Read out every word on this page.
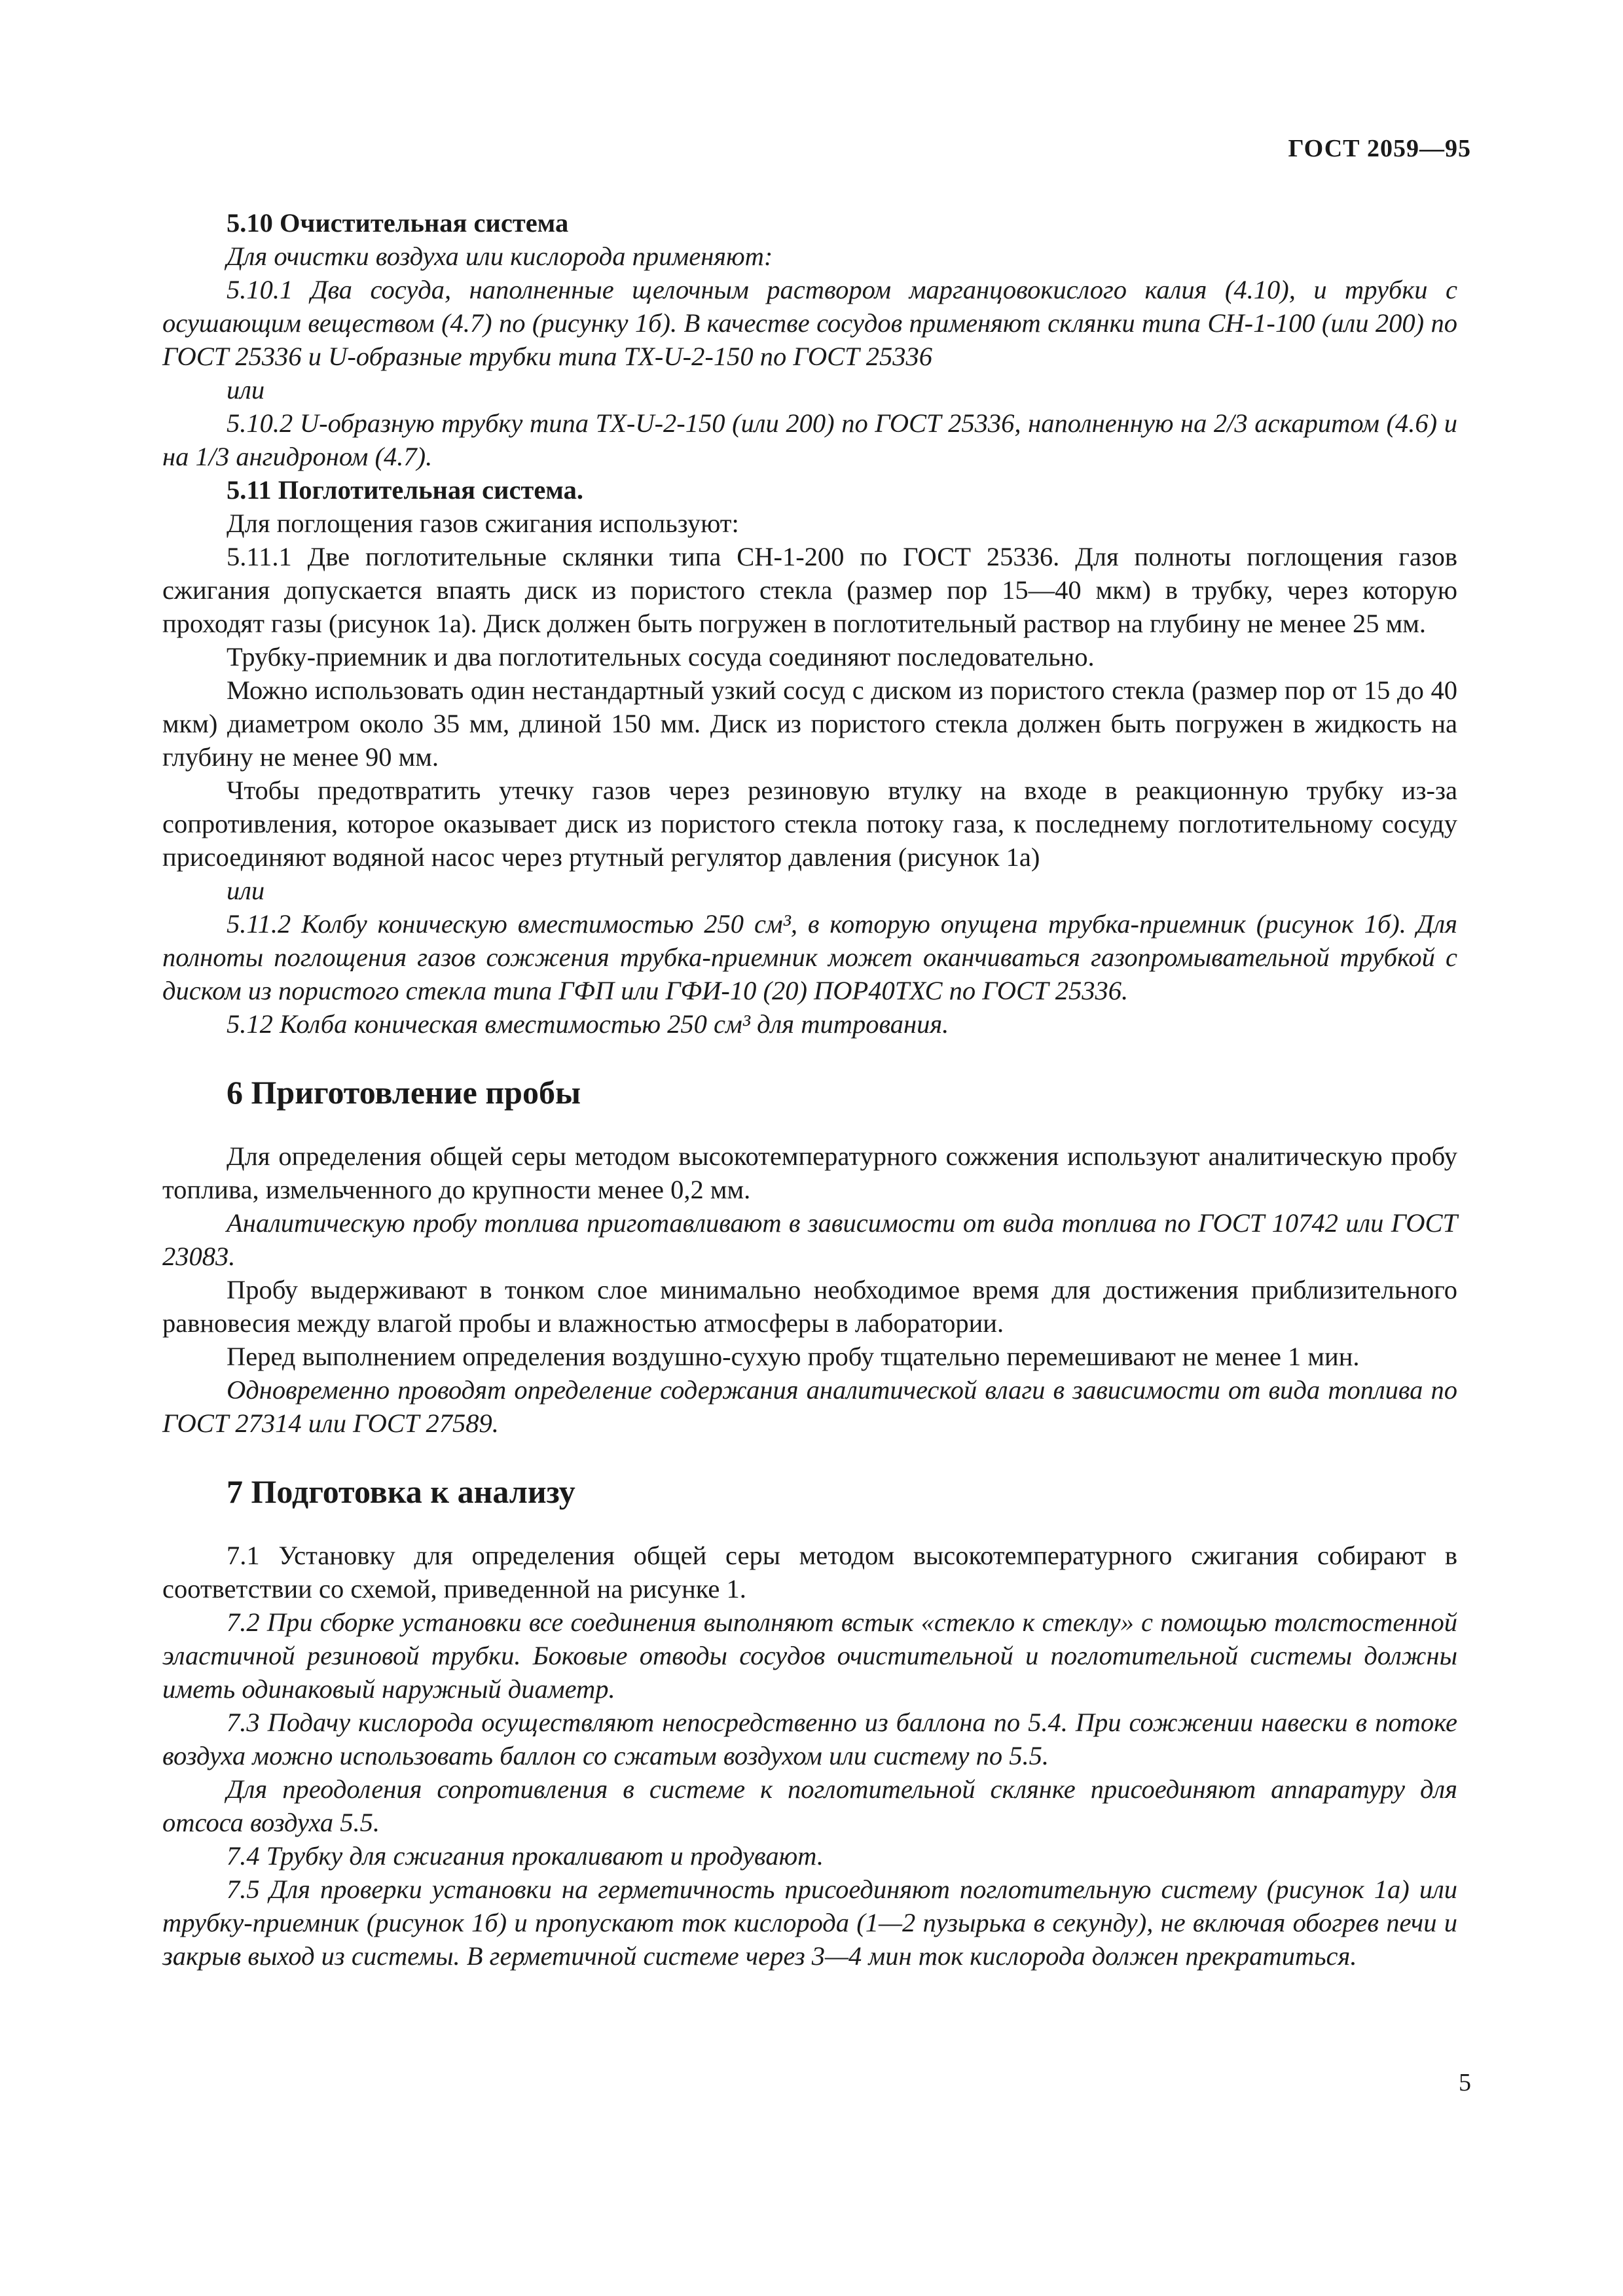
ГОСТ 2059—95

5.10 Очистительная система

Для очистки воздуха или кислорода применяют:

5.10.1 Два сосуда, наполненные щелочным раствором марганцовокислого калия (4.10), и трубки с осушающим веществом (4.7) по (рисунку 1б). В качестве сосудов применяют склянки типа СН-1-100 (или 200) по ГОСТ 25336 и U-образные трубки типа ТХ-U-2-150 по ГОСТ 25336

или

5.10.2 U-образную трубку типа ТХ-U-2-150 (или 200) по ГОСТ 25336, наполненную на 2/3 аскаритом (4.6) и на 1/3 ангидроном (4.7).

5.11 Поглотительная система.

Для поглощения газов сжигания используют:

5.11.1 Две поглотительные склянки типа СН-1-200 по ГОСТ 25336. Для полноты поглощения газов сжигания допускается впаять диск из пористого стекла (размер пор 15—40 мкм) в трубку, через которую проходят газы (рисунок 1а). Диск должен быть погружен в поглотительный раствор на глубину не менее 25 мм.

Трубку-приемник и два поглотительных сосуда соединяют последовательно.

Можно использовать один нестандартный узкий сосуд с диском из пористого стекла (размер пор от 15 до 40 мкм) диаметром около 35 мм, длиной 150 мм. Диск из пористого стекла должен быть погружен в жидкость на глубину не менее 90 мм.

Чтобы предотвратить утечку газов через резиновую втулку на входе в реакционную трубку из-за сопротивления, которое оказывает диск из пористого стекла потоку газа, к последнему поглотительному сосуду присоединяют водяной насос через ртутный регулятор давления (рисунок 1а)

или

5.11.2 Колбу коническую вместимостью 250 см³, в которую опущена трубка-приемник (рисунок 1б). Для полноты поглощения газов сожжения трубка-приемник может оканчиваться газопромывательной трубкой с диском из пористого стекла типа ГФП или ГФИ-10 (20) ПОР40ТХС по ГОСТ 25336.

5.12 Колба коническая вместимостью 250 см³ для титрования.

6 Приготовление пробы

Для определения общей серы методом высокотемпературного сожжения используют аналитическую пробу топлива, измельченного до крупности менее 0,2 мм.

Аналитическую пробу топлива приготавливают в зависимости от вида топлива по ГОСТ 10742 или ГОСТ 23083.

Пробу выдерживают в тонком слое минимально необходимое время для достижения приблизительного равновесия между влагой пробы и влажностью атмосферы в лаборатории.

Перед выполнением определения воздушно-сухую пробу тщательно перемешивают не менее 1 мин.

Одновременно проводят определение содержания аналитической влаги в зависимости от вида топлива по ГОСТ 27314 или ГОСТ 27589.

7 Подготовка к анализу

7.1 Установку для определения общей серы методом высокотемпературного сжигания собирают в соответствии со схемой, приведенной на рисунке 1.

7.2 При сборке установки все соединения выполняют встык «стекло к стеклу» с помощью толстостенной эластичной резиновой трубки. Боковые отводы сосудов очистительной и поглотительной системы должны иметь одинаковый наружный диаметр.

7.3 Подачу кислорода осуществляют непосредственно из баллона по 5.4. При сожжении навески в потоке воздуха можно использовать баллон со сжатым воздухом или систему по 5.5.

Для преодоления сопротивления в системе к поглотительной склянке присоединяют аппаратуру для отсоса воздуха 5.5.

7.4 Трубку для сжигания прокаливают и продувают.

7.5 Для проверки установки на герметичность присоединяют поглотительную систему (рисунок 1а) или трубку-приемник (рисунок 1б) и пропускают ток кислорода (1—2 пузырька в секунду), не включая обогрев печи и закрыв выход из системы. В герметичной системе через 3—4 мин ток кислорода должен прекратиться.

5
